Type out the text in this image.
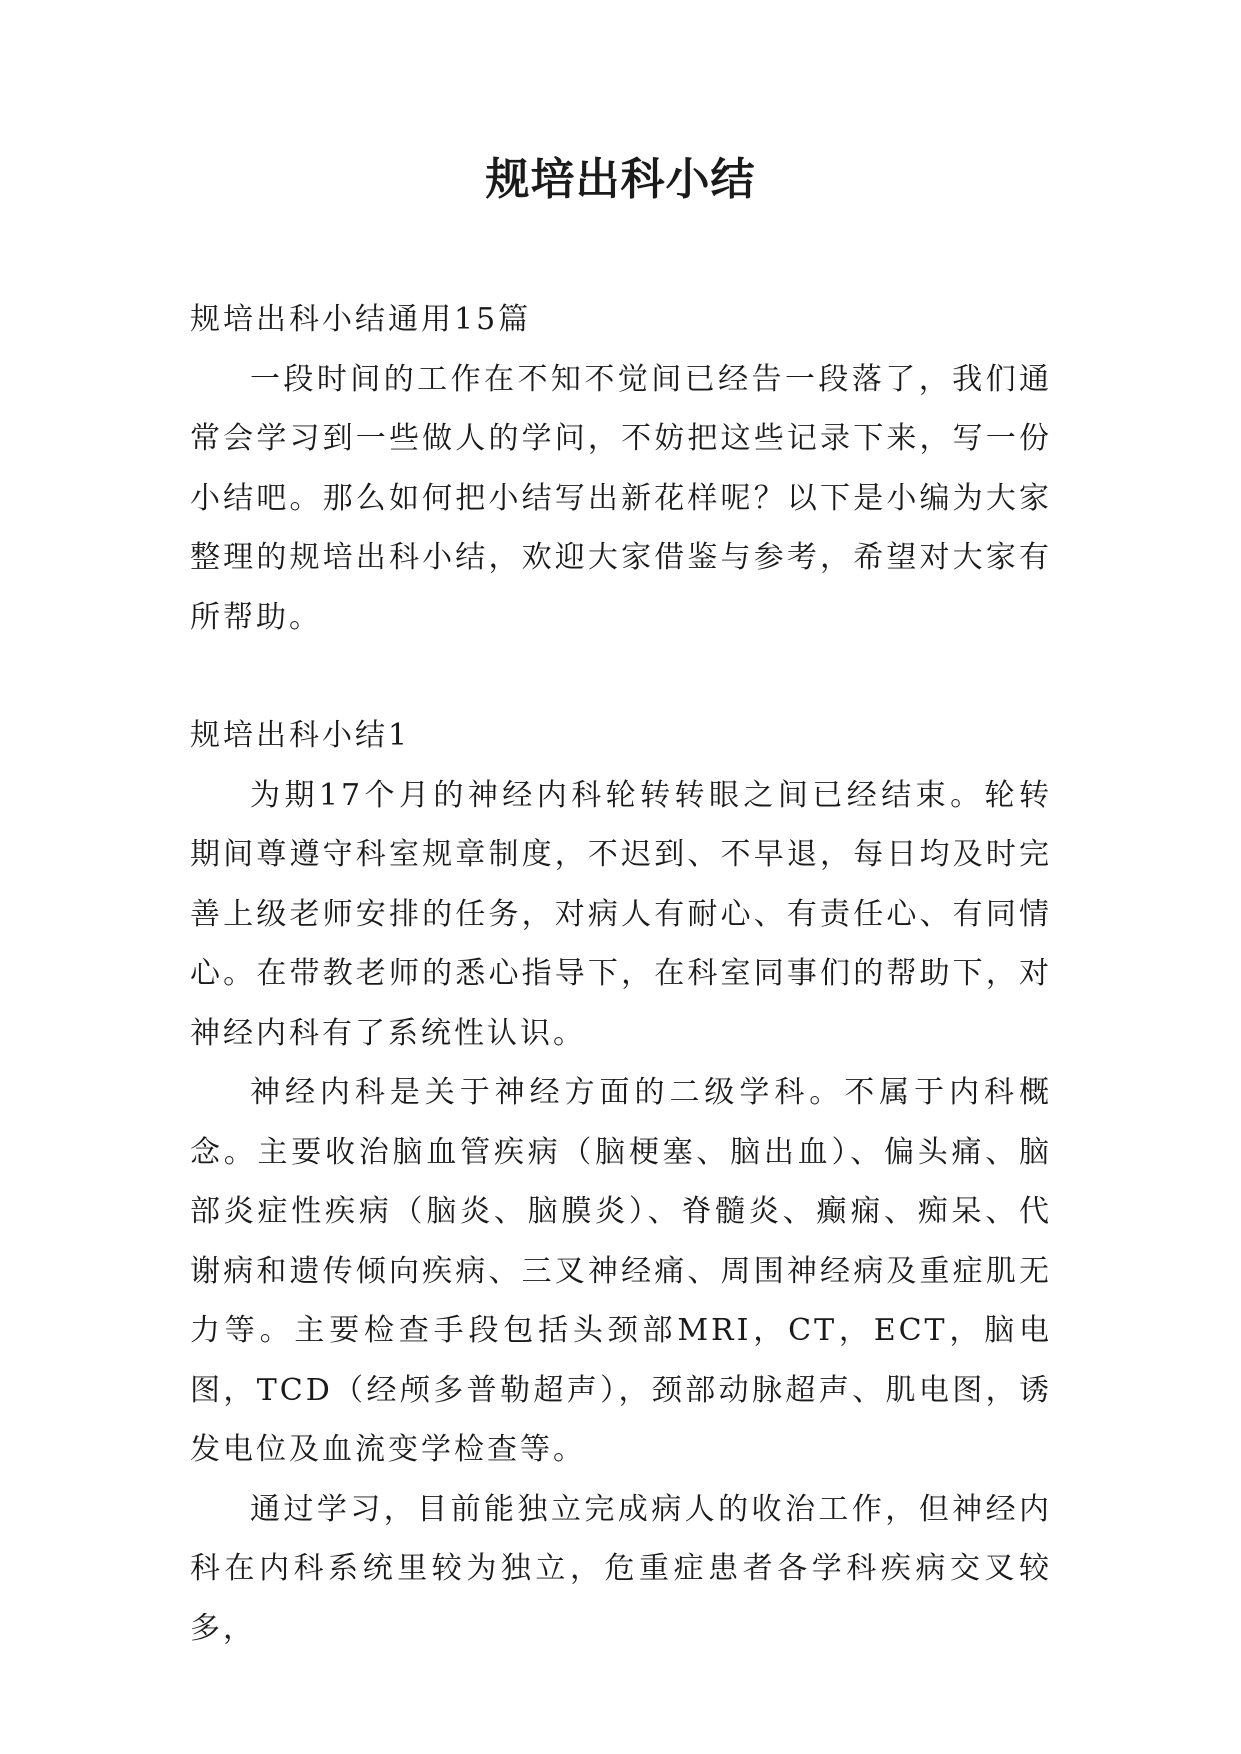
规培出科小结

规培出科小结通用15篇

一段时间的工作在不知不觉间已经告一段落了，我们通常会学习到一些做人的学问，不妨把这些记录下来，写一份小结吧。那么如何把小结写出新花样呢？以下是小编为大家整理的规培出科小结，欢迎大家借鉴与参考，希望对大家有所帮助。

规培出科小结1

为期17个月的神经内科轮转转眼之间已经结束。轮转期间尊遵守科室规章制度，不迟到、不早退，每日均及时完善上级老师安排的任务，对病人有耐心、有责任心、有同情心。在带教老师的悉心指导下，在科室同事们的帮助下，对神经内科有了系统性认识。

神经内科是关于神经方面的二级学科。不属于内科概念。主要收治脑血管疾病（脑梗塞、脑出血）、偏头痛、脑部炎症性疾病（脑炎、脑膜炎）、脊髓炎、癫痫、痴呆、代谢病和遗传倾向疾病、三叉神经痛、周围神经病及重症肌无力等。主要检查手段包括头颈部MRI，CT，ECT，脑电图，TCD（经颅多普勒超声），颈部动脉超声、肌电图，诱发电位及血流变学检查等。

通过学习，目前能独立完成病人的收治工作，但神经内科在内科系统里较为独立，危重症患者各学科疾病交叉较多，
